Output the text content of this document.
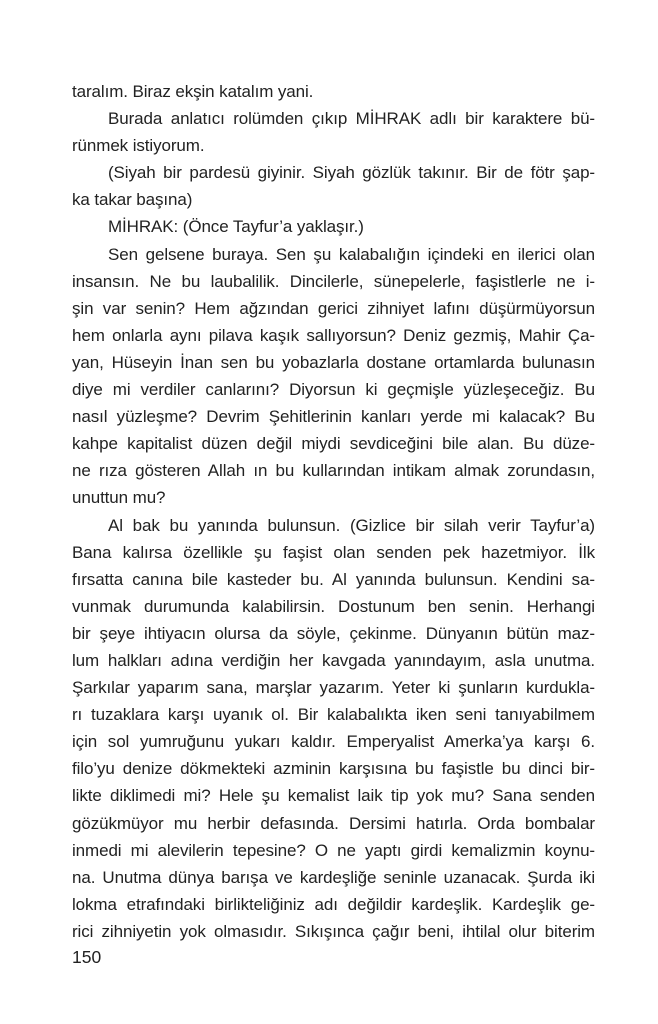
taralım. Biraz ekşin katalım yani.
Burada anlatıcı rolümden çıkıp MİHRAK adlı bir karaktere bü-
rünmek istiyorum.
(Siyah bir pardesü giyinir. Siyah gözlük takınır. Bir de fötr şap-
ka takar başına)
MİHRAK: (Önce Tayfur’a yaklaşır.)
Sen gelsene buraya. Sen şu kalabalığın içindeki en ilerici olan
insansın. Ne bu laubalilik. Dincilerle, sünepelerle, faşistlerle ne i-
şin var senin? Hem ağzından gerici zihniyet lafını düşürmüyorsun
hem onlarla aynı pilava kaşık sallıyorsun? Deniz gezmiş, Mahir Ça-
yan, Hüseyin İnan sen bu yobazlarla dostane ortamlarda bulunasın
diye mi verdiler canlarını? Diyorsun ki geçmişle yüzleşeceğiz. Bu
nasıl yüzleşme? Devrim Şehitlerinin kanları yerde mi kalacak? Bu
kahpe kapitalist düzen değil miydi sevdiceğini bile alan. Bu düze-
ne rıza gösteren Allah ın bu kullarından intikam almak zorundasın,
unuttun mu?
Al bak bu yanında bulunsun. (Gizlice bir silah verir Tayfur’a)
Bana kalırsa özellikle şu faşist olan senden pek hazetmiyor. İlk
fırsatta canına bile kasteder bu. Al yanında bulunsun. Kendini sa-
vunmak durumunda kalabilirsin. Dostunum ben senin. Herhangi
bir şeye ihtiyacın olursa da söyle, çekinme. Dünyanın bütün maz-
lum halkları adına verdiğin her kavgada yanındayım, asla unutma.
Şarkılar yaparım sana, marşlar yazarım. Yeter ki şunların kurdukla-
rı tuzaklara karşı uyanık ol. Bir kalabalıkta iken seni tanıyabilmem
için sol yumruğunu yukarı kaldır. Emperyalist Amerka’ya karşı 6.
filo’yu denize dökmekteki azminin karşısına bu faşistle bu dinci bir-
likte diklimedi mi? Hele şu kemalist laik tip yok mu? Sana senden
gözükmüyor mu herbir defasında. Dersimi hatırla. Orda bombalar
inmedi mi alevilerin tepesine? O ne yaptı girdi kemalizmin koynu-
na. Unutma dünya barışa ve kardeşliğe seninle uzanacak. Şurda iki
lokma etrafındaki birlikteliğiniz adı değildir kardeşlik. Kardeşlik ge-
rici zihniyetin yok olmasıdır. Sıkışınca çağır beni, ihtilal olur biterim
150
